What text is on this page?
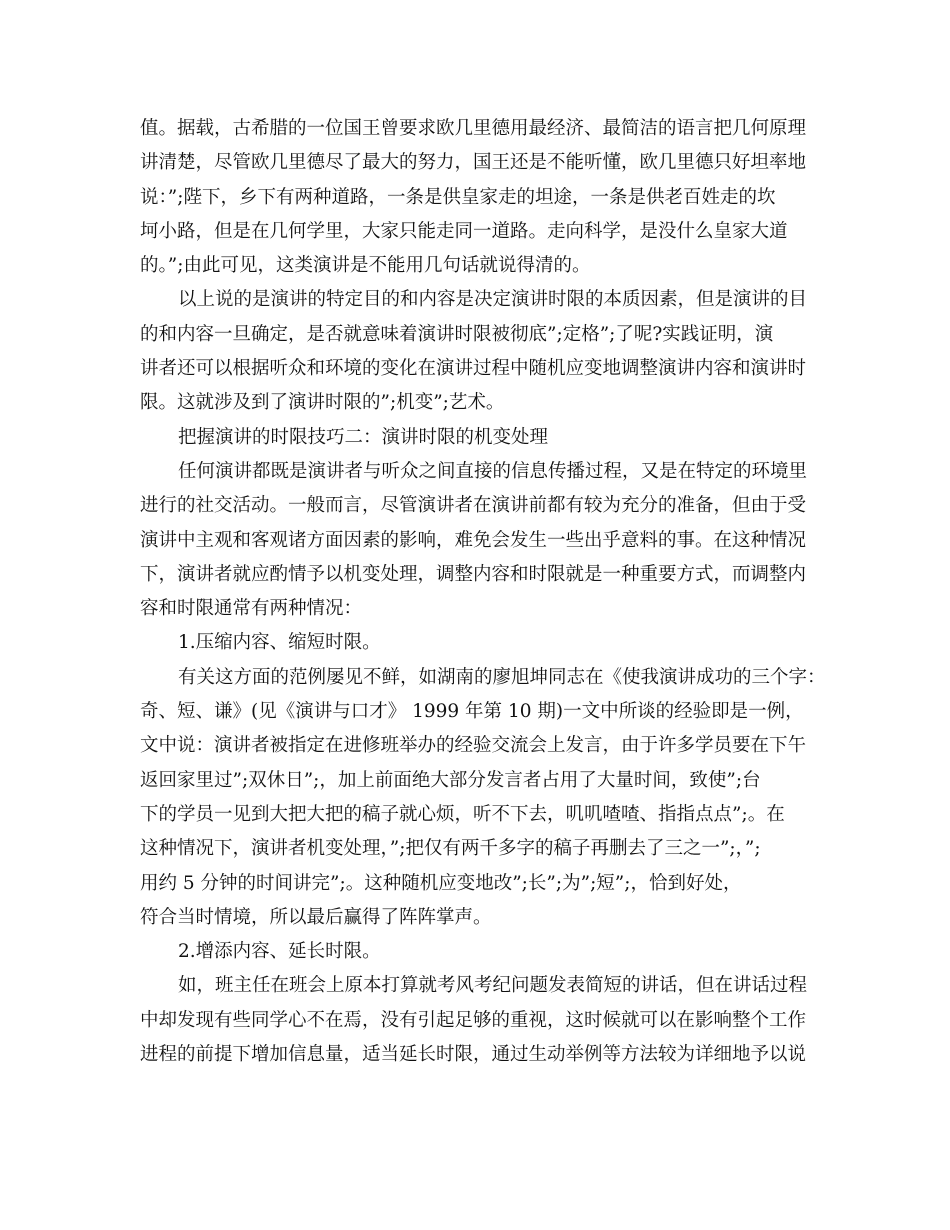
值。据载，古希腊的一位国王曾要求欧几里德用最经济、最简洁的语言把几何原理
讲清楚，尽管欧几里德尽了最大的努力，国王还是不能听懂，欧几里德只好坦率地
说：”;陛下，乡下有两种道路，一条是供皇家走的坦途，一条是供老百姓走的坎
坷小路，但是在几何学里，大家只能走同一道路。走向科学，是没什么皇家大道
的。”;由此可见，这类演讲是不能用几句话就说得清的。
以上说的是演讲的特定目的和内容是决定演讲时限的本质因素，但是演讲的目
的和内容一旦确定，是否就意味着演讲时限被彻底”;定格”;了呢?实践证明，演
讲者还可以根据听众和环境的变化在演讲过程中随机应变地调整演讲内容和演讲时
限。这就涉及到了演讲时限的”;机变”;艺术。
把握演讲的时限技巧二：演讲时限的机变处理
任何演讲都既是演讲者与听众之间直接的信息传播过程，又是在特定的环境里
进行的社交活动。一般而言，尽管演讲者在演讲前都有较为充分的准备，但由于受
演讲中主观和客观诸方面因素的影响，难免会发生一些出乎意料的事。在这种情况
下，演讲者就应酌情予以机变处理，调整内容和时限就是一种重要方式，而调整内
容和时限通常有两种情况：
1.压缩内容、缩短时限。
有关这方面的范例屡见不鲜，如湖南的廖旭坤同志在《使我演讲成功的三个字：
奇、短、谦》(见《演讲与口才》 1999 年第 10 期)一文中所谈的经验即是一例，
文中说：演讲者被指定在进修班举办的经验交流会上发言，由于许多学员要在下午
返回家里过”;双休日”;，加上前面绝大部分发言者占用了大量时间，致使”;台
下的学员一见到大把大把的稿子就心烦，听不下去，叽叽喳喳、指指点点”;。在
这种情况下，演讲者机变处理，”;把仅有两千多字的稿子再删去了三之一”;，”;
用约 5 分钟的时间讲完”;。这种随机应变地改”;长”;为”;短”;，恰到好处，
符合当时情境，所以最后赢得了阵阵掌声。
2.增添内容、延长时限。
如，班主任在班会上原本打算就考风考纪问题发表简短的讲话，但在讲话过程
中却发现有些同学心不在焉，没有引起足够的重视，这时候就可以在影响整个工作
进程的前提下增加信息量，适当延长时限，通过生动举例等方法较为详细地予以说
